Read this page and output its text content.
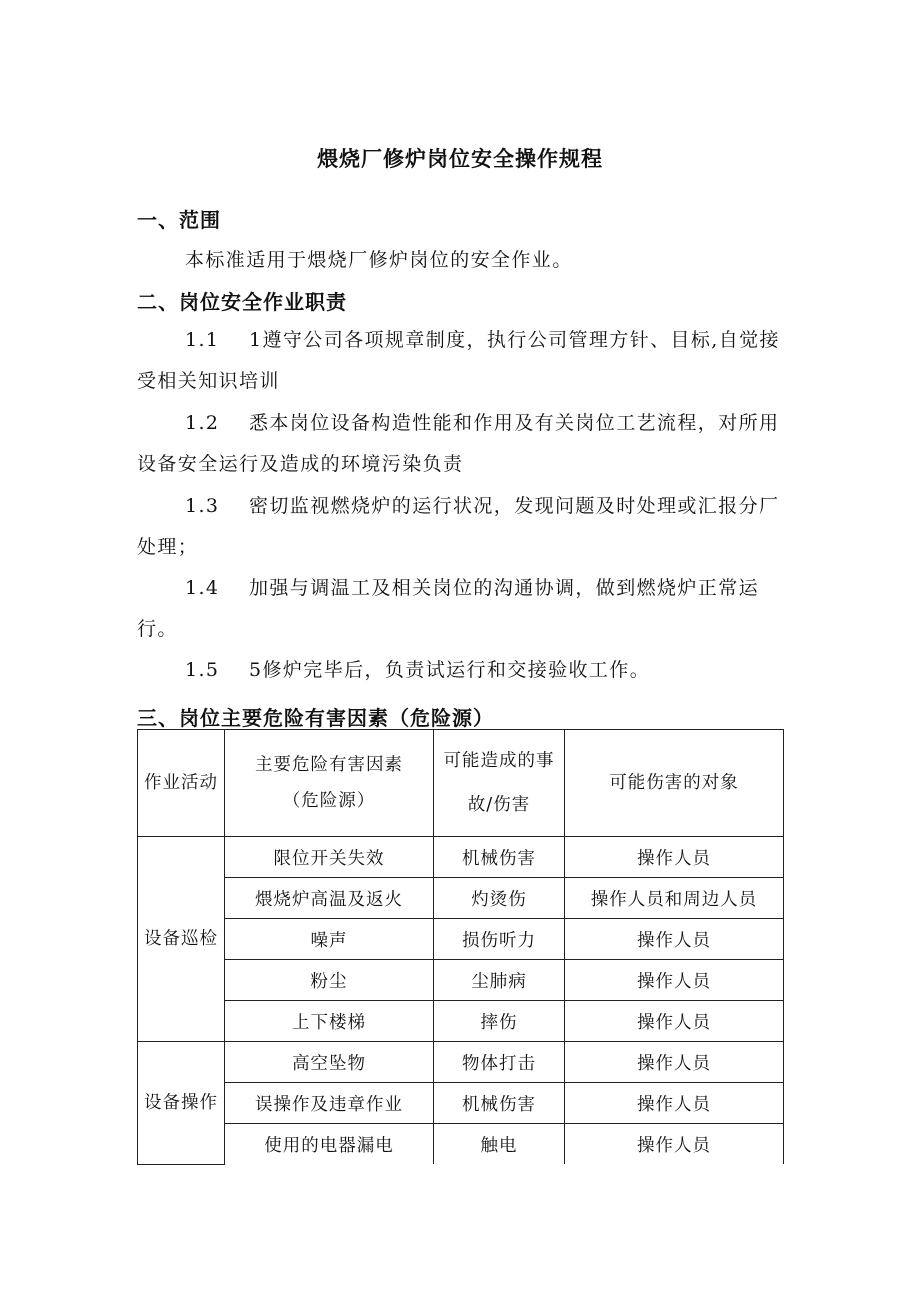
煨烧厂修炉岗位安全操作规程
一、范围
本标准适用于煨烧厂修炉岗位的安全作业。
二、岗位安全作业职责
1.1 1遵守公司各项规章制度，执行公司管理方针、目标,自觉接受相关知识培训
1.2 悉本岗位设备构造性能和作用及有关岗位工艺流程，对所用设备安全运行及造成的环境污染负责
1.3 密切监视燃烧炉的运行状况，发现问题及时处理或汇报分厂处理；
1.4 加强与调温工及相关岗位的沟通协调，做到燃烧炉正常运行。
1.5 5修炉完毕后，负责试运行和交接验收工作。
三、岗位主要危险有害因素（危险源）
作业活动	主要危险有害因素（危险源）	可能造成的事故/伤害	可能伤害的对象
设备巡检	限位开关失效	机械伤害	操作人员
	煨烧炉高温及返火	灼烫伤	操作人员和周边人员
	噪声	损伤听力	操作人员
	粉尘	尘肺病	操作人员
	上下楼梯	摔伤	操作人员
设备操作	高空坠物	物体打击	操作人员
	误操作及违章作业	机械伤害	操作人员
	使用的电器漏电	触电	操作人员
